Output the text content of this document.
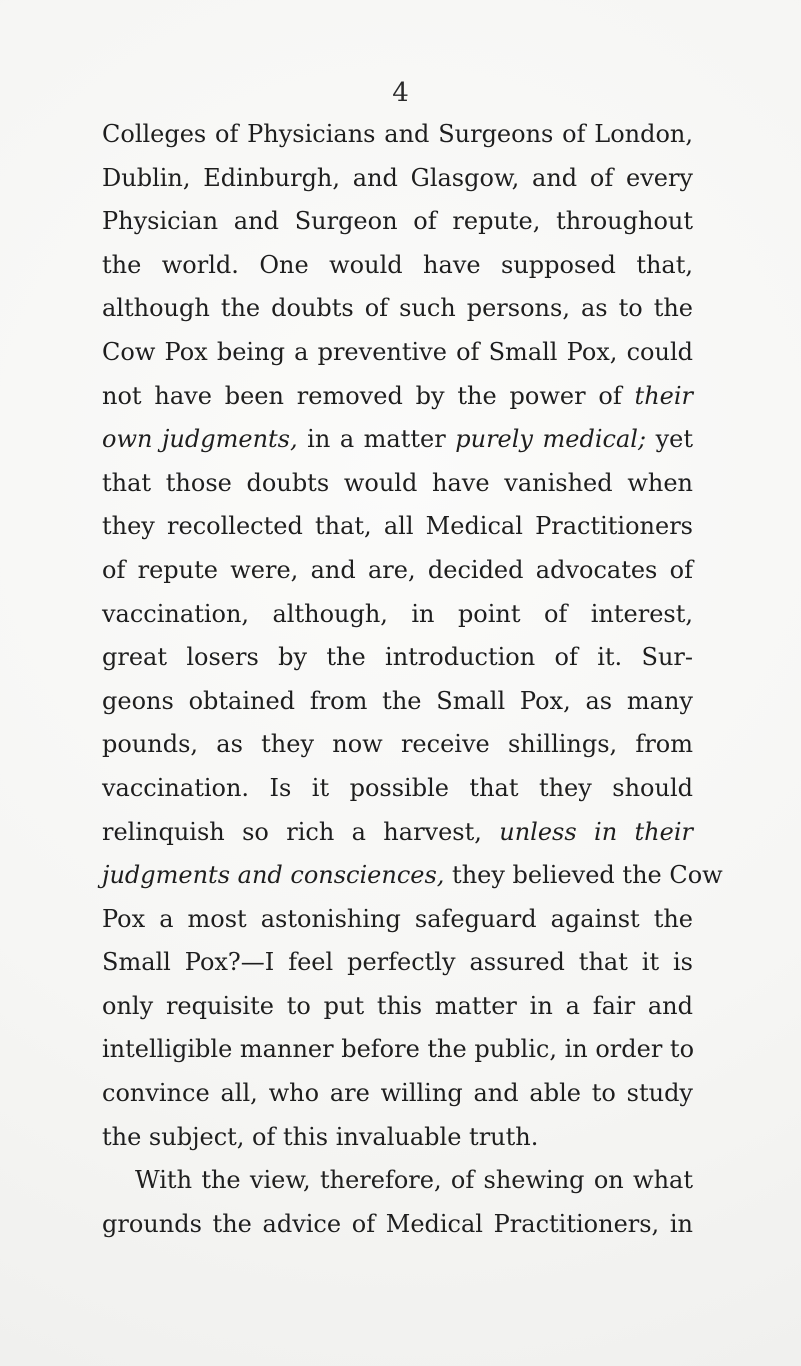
4
Colleges of Physicians and Surgeons of London,
Dublin, Edinburgh, and Glasgow, and of every
Physician and Surgeon of repute, throughout
the world. One would have supposed that,
although the doubts of such persons, as to the
Cow Pox being a preventive of Small Pox, could
not have been removed by the power of their
own judgments, in a matter purely medical; yet
that those doubts would have vanished when
they recollected that, all Medical Practitioners
of repute were, and are, decided advocates of
vaccination, although, in point of interest,
great losers by the introduction of it. Sur-
geons obtained from the Small Pox, as many
pounds, as they now receive shillings, from
vaccination. Is it possible that they should
relinquish so rich a harvest, unless in their
judgments and consciences, they believed the Cow
Pox a most astonishing safeguard against the
Small Pox?—I feel perfectly assured that it is
only requisite to put this matter in a fair and
intelligible manner before the public, in order to
convince all, who are willing and able to study
the subject, of this invaluable truth.
With the view, therefore, of shewing on what
grounds the advice of Medical Practitioners, in
